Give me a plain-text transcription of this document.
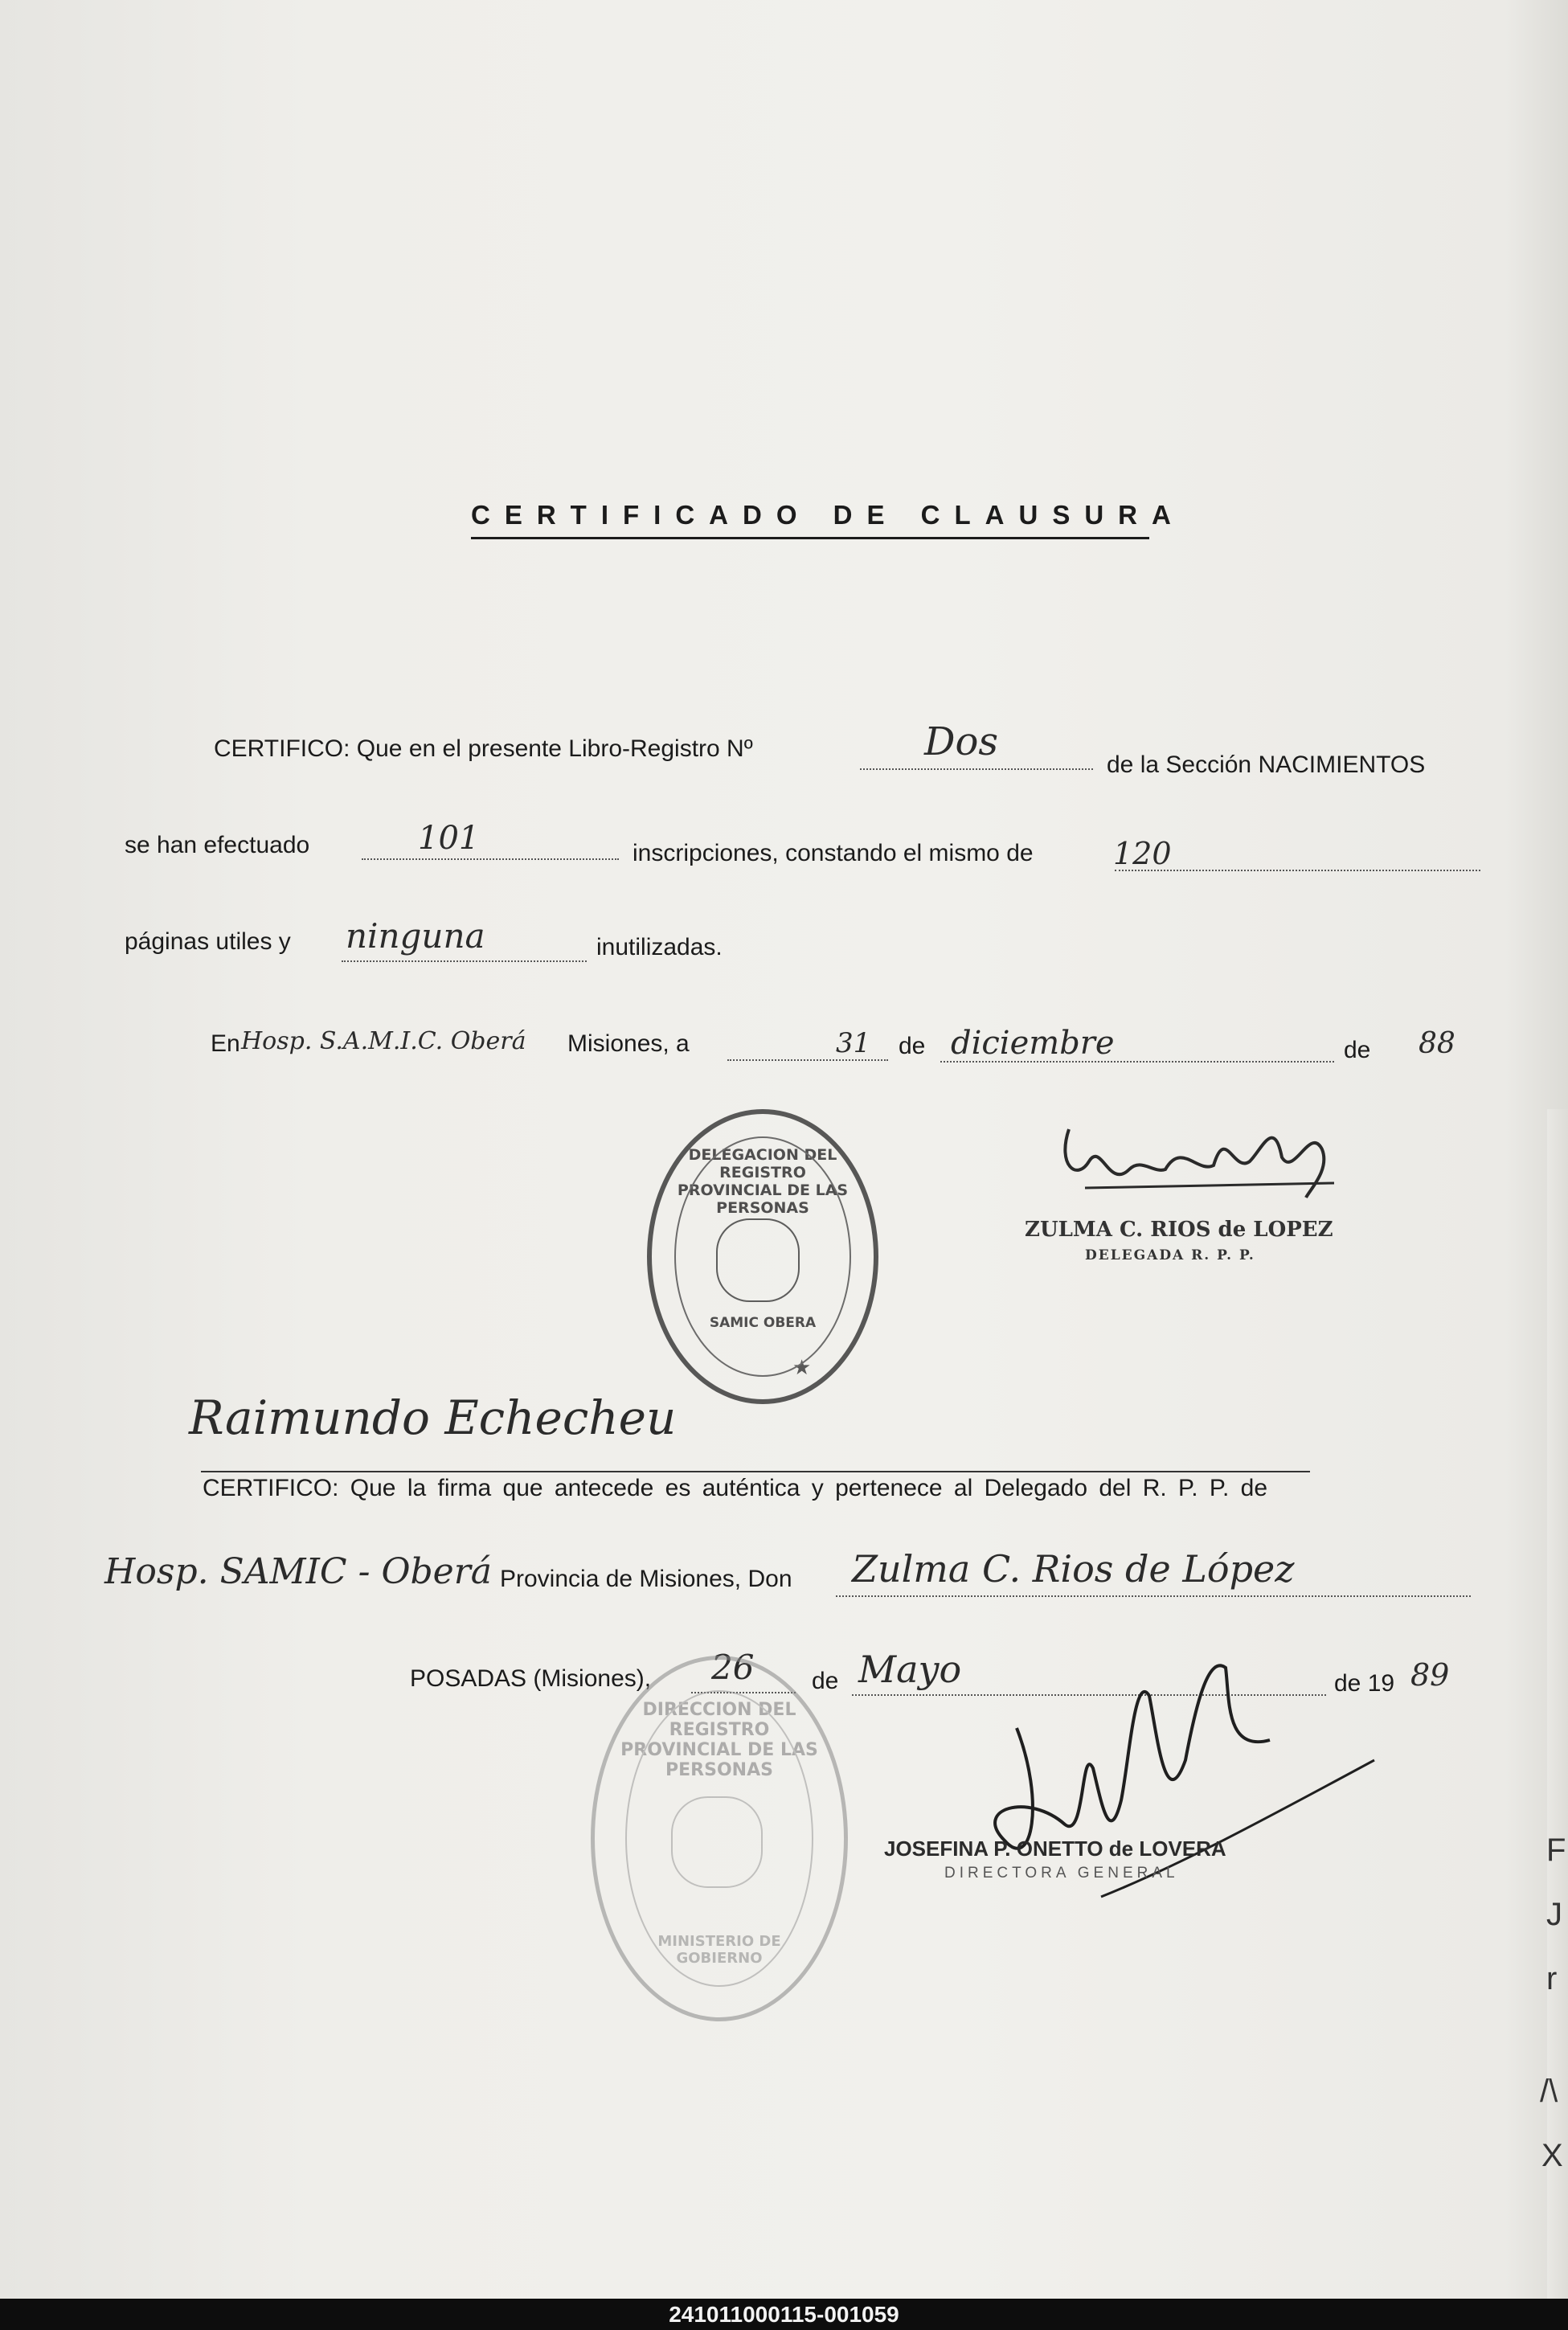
CERTIFICADO DE CLAUSURA
CERTIFICO: Que en el presente Libro-Registro Nº	Dos
de la Sección NACIMIENTOS
se han efectuado	101	inscripciones, constando el mismo de	120
páginas utiles y ninguna	inutilizadas.
En Hosp. S.A.M.I.C. Oberá Misiones, a	31 de diciembre	de 88
ZULMA C. RIOS de LOPEZ
DELEGADA R. P. P.
DELEGACION DEL REGISTRO PROVINCIAL DE LAS PERSONAS
SAMIC OBERA
★
Raimundo Echecheu
CERTIFICO: Que la firma que antecede es auténtica y pertenece al Delegado del R. P. P. de
Hosp. SAMIC - Oberá Provincia de Misiones, Don Zulma C. Rios de López
POSADAS (Misiones), 26 de Mayo	de 19 89
DIRECCION DEL REGISTRO PROVINCIAL DE LAS PERSONAS
MINISTERIO DE GOBIERNO
JOSEFINA P. ONETTO de LOVERA
DIRECTORA GENERAL
F
J
r
/\
X
241011000115-001059
